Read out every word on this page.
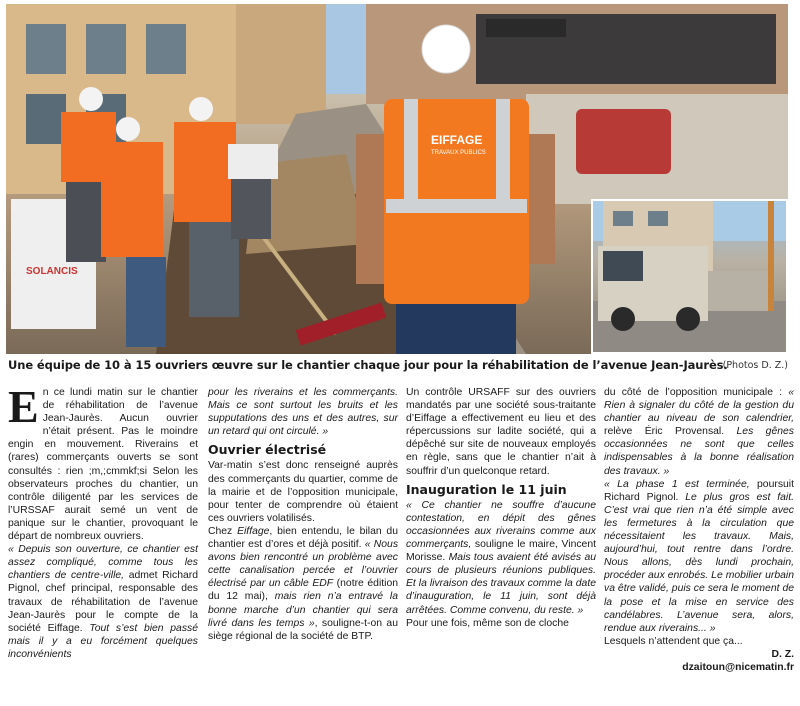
SOLANCIS
EIFFAGE
TRAVAUX PUBLICS
Une équipe de 10 à 15 ouvriers œuvre sur le chantier chaque jour pour la réhabilitation de l’avenue Jean-Jaurès.
(Photos D. Z.)

En ce lundi matin sur le chantier de réhabilitation de l’avenue Jean-Jaurès. Aucun ouvrier n’était présent. Pas le moindre engin en mouvement. Riverains et (rares) commerçants ouverts se sont consultés : rien ;m,;cmmkf;si Selon les observateurs proches du chantier, un contrôle diligenté par les services de l’URSSAF aurait semé un vent de panique sur le chantier, provoquant le départ de nombreux ouvriers.

« Depuis son ouverture, ce chantier est assez compliqué, comme tous les chantiers de centre-ville, admet Richard Pignol, chef principal, responsable des travaux de réhabilitation de l’avenue Jean-Jaurès pour le compte de la société Eiffage. Tout s’est bien passé mais il y a eu forcément quelques inconvénients

pour les riverains et les commerçants. Mais ce sont surtout les bruits et les supputations des uns et des autres, sur un retard qui ont circulé. »

Ouvrier électrisé

Var-matin s’est donc renseigné auprès des commerçants du quartier, comme de la mairie et de l’opposition municipale, pour tenter de comprendre où étaient ces ouvriers volatilisés.

Chez Eiffage, bien entendu, le bilan du chantier est d’ores et déjà positif. « Nous avons bien rencontré un problème avec cette canalisation percée et l’ouvrier électrisé par un câble EDF (notre édition du 12 mai), mais rien n’a entravé la bonne marche d’un chantier qui sera livré dans les temps », souligne-t-on au siège régional de la société de BTP.

Un contrôle URSAFF sur des ouvriers mandatés par une société sous-traitante d’Eiffage a effectivement eu lieu et des répercussions sur ladite société, qui a dépêché sur site de nouveaux employés en règle, sans que le chantier n’ait à souffrir d’un quelconque retard.

Inauguration le 11 juin

« Ce chantier ne souffre d’aucune contestation, en dépit des gênes occasionnées aux riverains comme aux commerçants, souligne le maire, Vincent Morisse. Mais tous avaient été avisés au cours de plusieurs réunions publiques. Et la livraison des travaux comme la date d’inauguration, le 11 juin, sont déjà arrêtées. Comme convenu, du reste. »

Pour une fois, même son de cloche

du côté de l’opposition municipale : « Rien à signaler du côté de la gestion du chantier au niveau de son calendrier, relève Éric Provensal. Les gênes occasionnées ne sont que celles indispensables à la bonne réalisation des travaux. »

« La phase 1 est terminée, poursuit Richard Pignol. Le plus gros est fait. C’est vrai que rien n’a été simple avec les fermetures à la circulation que nécessitaient les travaux. Mais, aujourd’hui, tout rentre dans l’ordre. Nous allons, dès lundi prochain, procéder aux enrobés. Le mobilier urbain va être validé, puis ce sera le moment de la pose et la mise en service des candélabres. L’avenue sera, alors, rendue aux riverains... »

Lesquels n’attendent que ça...

D. Z.
dzaitoun@nicematin.fr
